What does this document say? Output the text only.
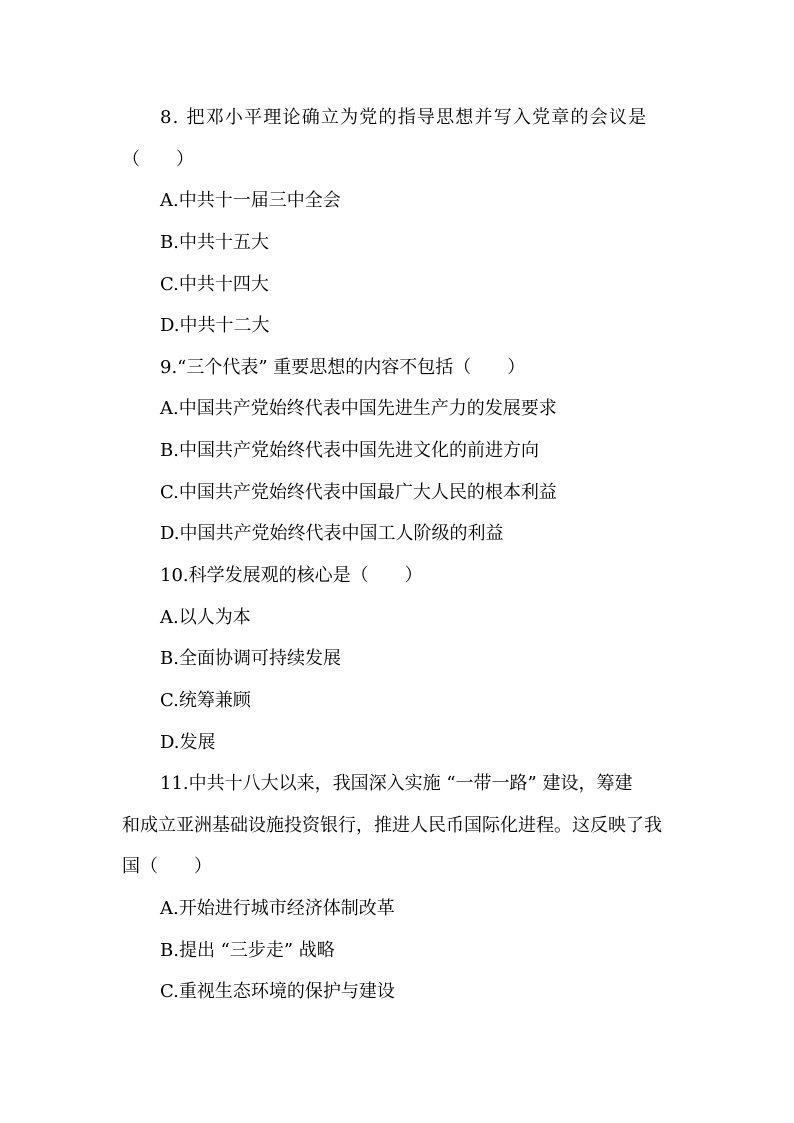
8. 把邓小平理论确立为党的指导思想并写入党章的会议是
（　　）
A.中共十一届三中全会
B.中共十五大
C.中共十四大
D.中共十二大
9.“三个代表” 重要思想的内容不包括（　　）
A.中国共产党始终代表中国先进生产力的发展要求
B.中国共产党始终代表中国先进文化的前进方向
C.中国共产党始终代表中国最广大人民的根本利益
D.中国共产党始终代表中国工人阶级的利益
10.科学发展观的核心是（　　）
A.以人为本
B.全面协调可持续发展
C.统筹兼顾
D.发展
11.中共十八大以来，我国深入实施 “一带一路” 建设，筹建
和成立亚洲基础设施投资银行，推进人民币国际化进程。这反映了我
国（　　）
A.开始进行城市经济体制改革
B.提出 “三步走” 战略
C.重视生态环境的保护与建设
